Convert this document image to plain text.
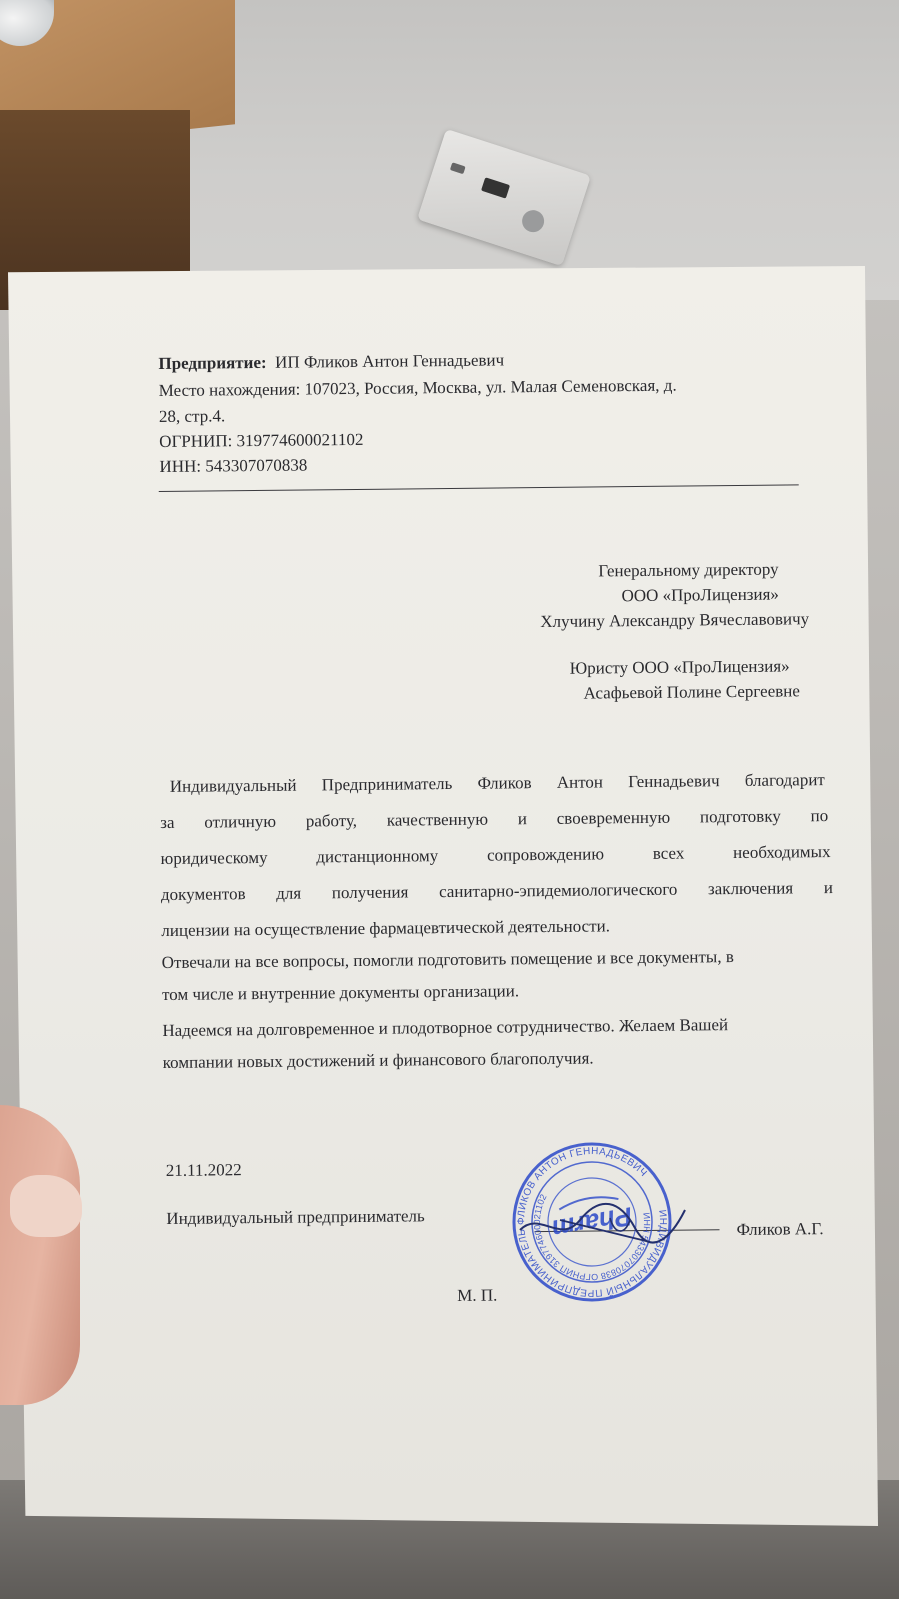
Предприятие: ИП Фликов Антон Геннадьевич
Место нахождения: 107023, Россия, Москва, ул. Малая Семеновская, д.
28, стр.4.
ОГРНИП: 319774600021102
ИНН: 543307070838
Генеральному директору
ООО «ПроЛицензия»
Хлучину Александру Вячеславовичу
Юристу ООО «ПроЛицензия»
Асафьевой Полине Сергеевне
Индивидуальный Предприниматель Фликов Антон Геннадьевич благодарит
за отличную работу, качественную и своевременную подготовку по
юридическому дистанционному сопровождению всех необходимых
документов для получения санитарно-эпидемиологического заключения и
лицензии на осуществление фармацевтической деятельности.
Отвечали на все вопросы, помогли подготовить помещение и все документы, в
том числе и внутренние документы организации.
Надеемся на долговременное и плодотворное сотрудничество. Желаем Вашей
компании новых достижений и финансового благополучия.
21.11.2022
Индивидуальный предприниматель
Фликов А.Г.
М. П.
ИНДИВИДУАЛЬНЫЙ ПРЕДПРИНИМАТЕЛЬ ФЛИКОВ АНТОН ГЕННАДЬЕВИЧ
ИНН 543307070838 ОГРНИП 319774600021102
Pharm
